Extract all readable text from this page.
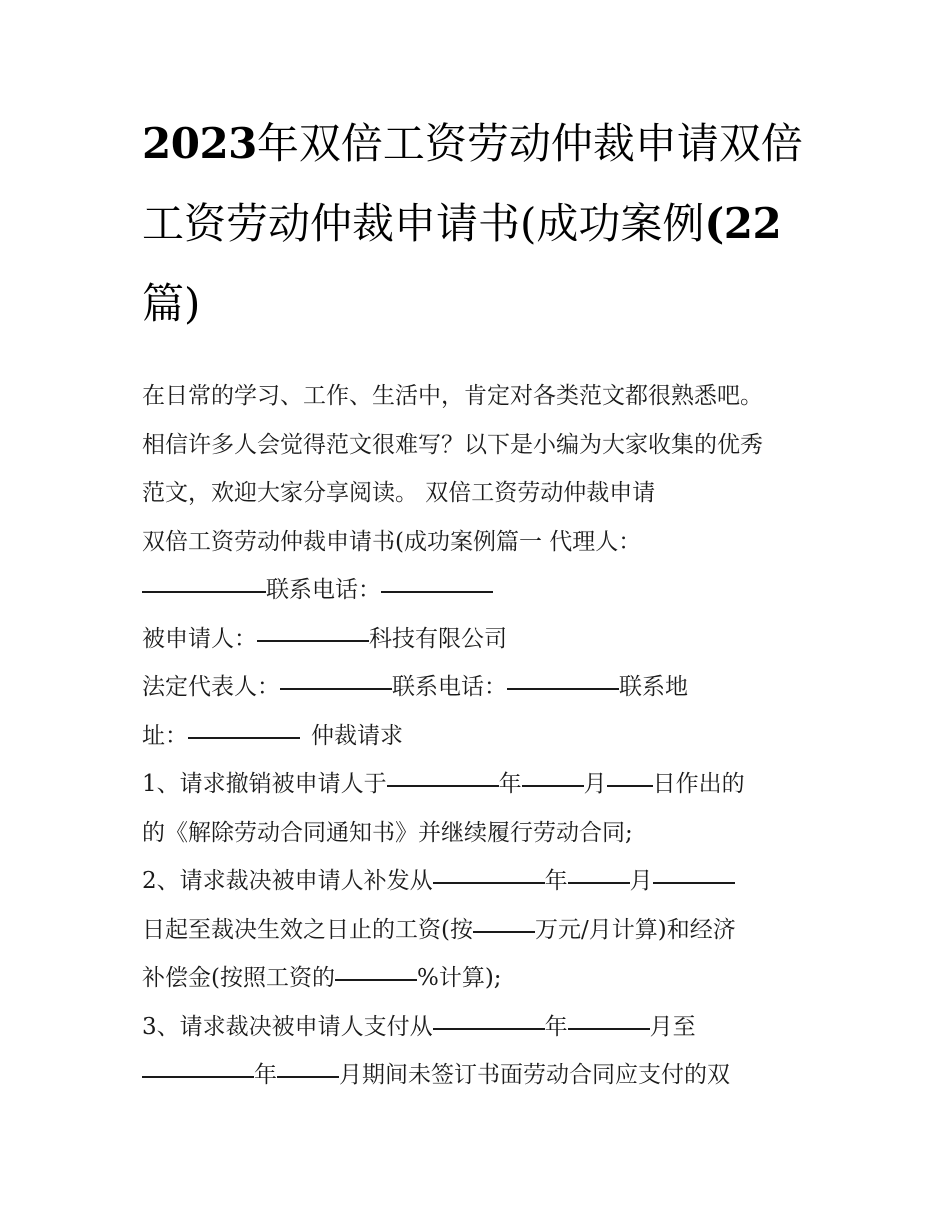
2023年双倍工资劳动仲裁申请双倍工资劳动仲裁申请书(成功案例(22 篇)

在日常的学习、工作、生活中，肯定对各类范文都很熟悉吧。

相信许多人会觉得范文很难写？以下是小编为大家收集的优秀

范文，欢迎大家分享阅读。 双倍工资劳动仲裁申请

双倍工资劳动仲裁申请书(成功案例篇一 代理人：

联系电话：

被申请人：	科技有限公司

法定代表人：	联系电话：	联系地

址：	仲裁请求

1、请求撤销被申请人于	年	月 日作出的

的《解除劳动合同通知书》并继续履行劳动合同;

2、请求裁决被申请人补发从	年	月

日起至裁决生效之日止的工资(按	万元/月计算)和经济

补偿金(按照工资的	%计算);

3、请求裁决被申请人支付从	年	月至

年	月期间未签订书面劳动合同应支付的双
